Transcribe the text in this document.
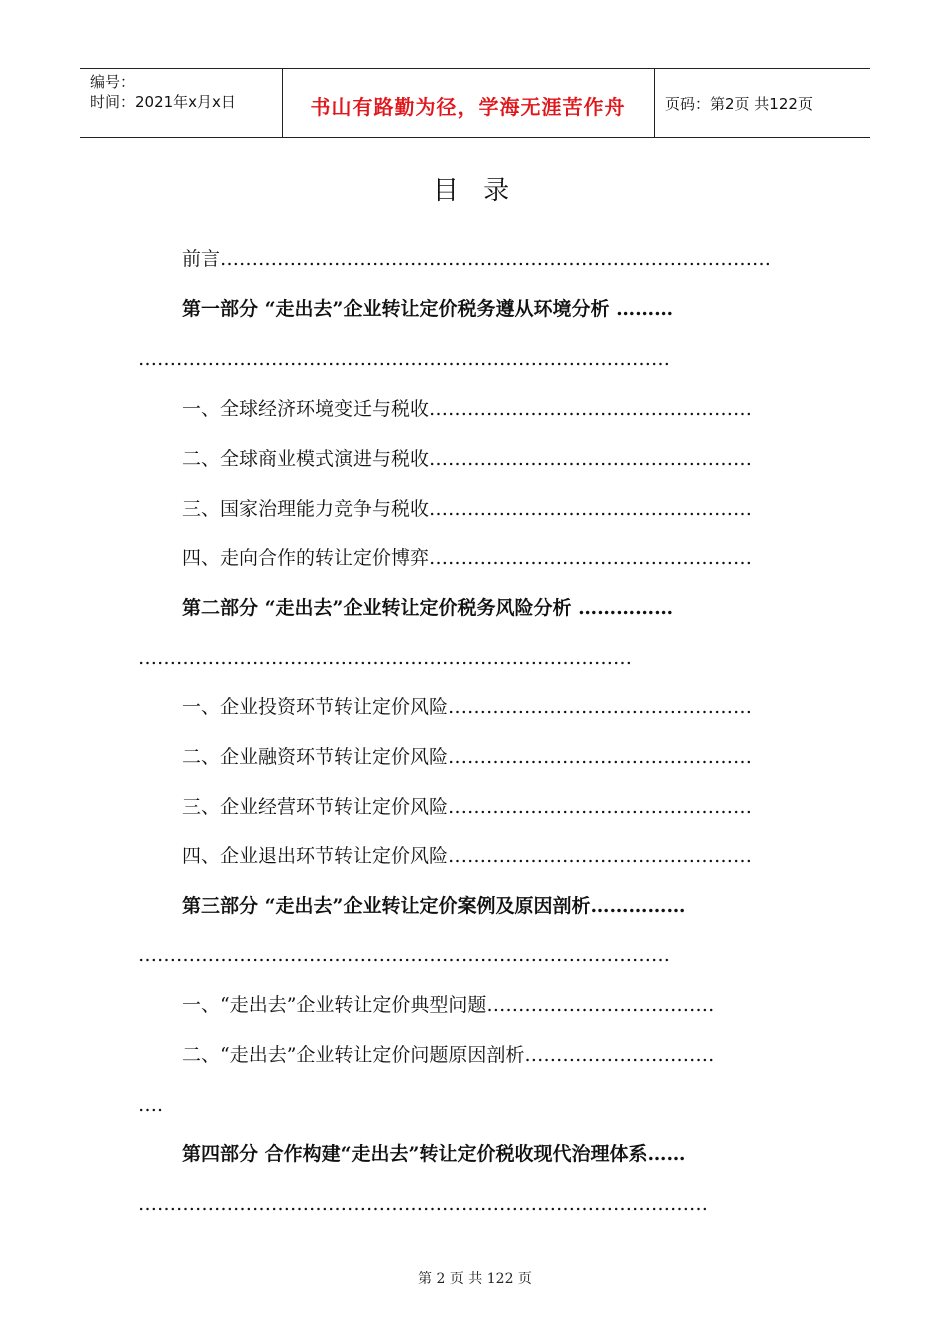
编号：
时间：2021年x月x日	书山有路勤为径，学海无涯苦作舟	页码：第2页 共122页
目 录
前言……………………………………………………………………………
第一部分 “走出去”企业转让定价税务遵从环境分析 ………
…………………………………………………………………………
一、全球经济环境变迁与税收……………………………………………
二、全球商业模式演进与税收……………………………………………
三、国家治理能力竞争与税收……………………………………………
四、走向合作的转让定价博弈……………………………………………
第二部分 “走出去”企业转让定价税务风险分析 ……………
……………………………………………………………………
一、企业投资环节转让定价风险…………………………………………
二、企业融资环节转让定价风险…………………………………………
三、企业经营环节转让定价风险…………………………………………
四、企业退出环节转让定价风险…………………………………………
第三部分 “走出去”企业转让定价案例及原因剖析……………
…………………………………………………………………………
一、“走出去”企业转让定价典型问题………………………………
二、“走出去”企业转让定价问题原因剖析…………………………
….
第四部分 合作构建“走出去”转让定价税收现代治理体系……
………………………………………………………………………………
第 2 页 共 122 页
